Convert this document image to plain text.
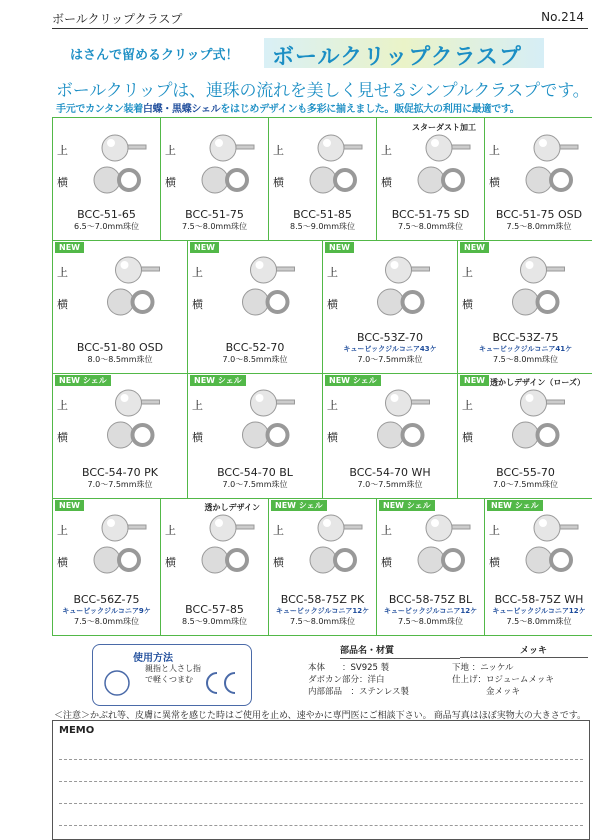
ボールクリップクラスプ	No.214
はさんで留めるクリップ式！ ボールクリップクラスプ
ボールクリップは、連珠の流れを美しく見せるシンプルクラスプです。
手元でカンタン装着白蝶・黒蝶シェルをはじめデザインも多彩に揃えました。販促拡大の利用に最適です。
上
横
BCC-51-65
6.5～7.0mm珠位
上
横
BCC-51-75
7.5～8.0mm珠位
上
横
BCC-51-85
8.5～9.0mm珠位
スターダスト加工
上
横
BCC-51-75 SD
7.5～8.0mm珠位
上
横
BCC-51-75 OSD
7.5～8.0mm珠位
NEW
上
横
BCC-51-80 OSD
8.0～8.5mm珠位
NEW
上
横
BCC-52-70
7.0～8.5mm珠位
NEW
上
横
BCC-53Z-70
キュービックジルコニア43ケ
7.0～7.5mm珠位
NEW
上
横
BCC-53Z-75
キュービックジルコニア41ケ
7.5～8.0mm珠位
NEW シェル
上
横
BCC-54-70 PK
7.0～7.5mm珠位
NEW シェル
上
横
BCC-54-70 BL
7.0～7.5mm珠位
NEW シェル
上
横
BCC-54-70 WH
7.0～7.5mm珠位
NEW 透かしデザイン（ローズ）
上
横
BCC-55-70
7.0～7.5mm珠位
NEW
上
横
BCC-56Z-75
キュービックジルコニア9ケ
7.5～8.0mm珠位
透かしデザイン
上
横
BCC-57-85
8.5～9.0mm珠位
NEW シェル
上
横
BCC-58-75Z PK
キュービックジルコニア12ケ
7.5～8.0mm珠位
NEW シェル
上
横
BCC-58-75Z BL
キュービックジルコニア12ケ
7.5～8.0mm珠位
NEW シェル
上
横
BCC-58-75Z WH
キュービックジルコニア12ケ
7.5～8.0mm珠位
使用方法
親指と人さし指
で軽くつまむ
部品名・材質	メッキ
本体　　：SV925 製
ダボカン部分：洋白
内部部品　：ステンレス製
下地 ：ニッケル
仕上げ：ロジュームメッキ
　　　　金メッキ
＜注意＞かぶれ等、皮膚に異常を感じた時はご使用を止め、速やかに専門医にご相談下さい。 商品写真はほぼ実物大の大きさです。
MEMO
